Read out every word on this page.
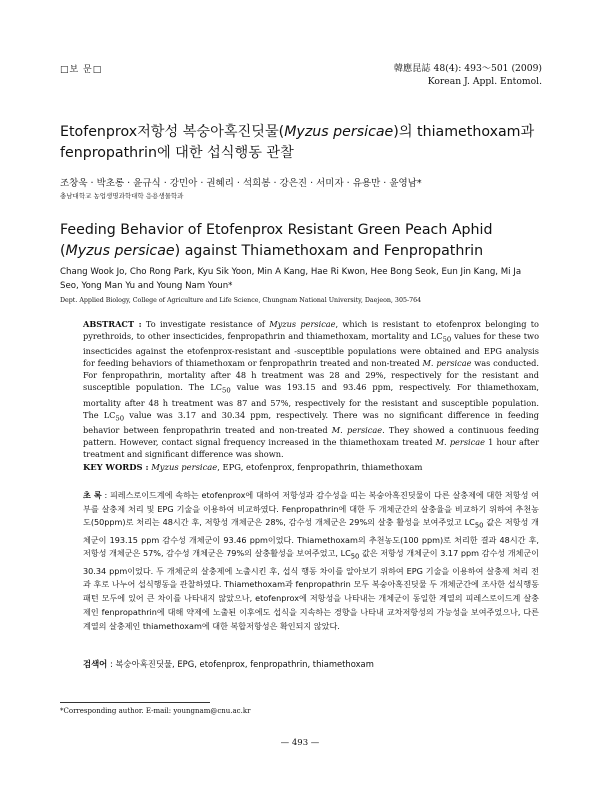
□보 문□	韓應昆誌 48(4): 493～501 (2009)
Korean J. Appl. Entomol.
Etofenprox저항성 복숭아혹진딧물(Myzus persicae)의 thiamethoxam과 fenpropathrin에 대한 섭식행동 관찰
조창욱 · 박초롱 · 윤규식 · 강민아 · 권혜리 · 석희봉 · 강은진 · 서미자 · 유용만 · 윤영남*
충남대학교 농업생명과학대학 응용생물학과
Feeding Behavior of Etofenprox Resistant Green Peach Aphid (Myzus persicae) against Thiamethoxam and Fenpropathrin
Chang Wook Jo, Cho Rong Park, Kyu Sik Yoon, Min A Kang, Hae Ri Kwon, Hee Bong Seok, Eun Jin Kang, Mi Ja Seo, Yong Man Yu and Young Nam Youn*
Dept. Applied Biology, College of Agriculture and Life Science, Chungnam National University, Daejeon, 305-764
ABSTRACT : To investigate resistance of Myzus persicae, which is resistant to etofenprox belonging to pyrethroids, to other insecticides, fenpropathrin and thiamethoxam, mortality and $LC_{50}$ values for these two insecticides against the etofenprox-resistant and -susceptible populations were obtained and EPG analysis for feeding behaviors of thiamethoxam or fenpropathrin treated and non-treated M. persicae was conducted. For fenpropathrin, mortality after 48 h treatment was 28 and 29%, respectively for the resistant and susceptible population. The $LC_{50}$ value was 193.15 and 93.46 ppm, respectively. For thiamethoxam, mortality after 48 h treatment was 87 and 57%, respectively for the resistant and susceptible population. The $LC_{50}$ value was 3.17 and 30.34 ppm, respectively. There was no significant difference in feeding behavior between fenpropathrin treated and non-treated M. persicae. They showed a continuous feeding pattern. However, contact signal frequency increased in the thiamethoxam treated M. persicae 1 hour after treatment and significant difference was shown.
KEY WORDS : Myzus persicae, EPG, etofenprox, fenpropathrin, thiamethoxam
초 록 : 피레스로이드계에 속하는 etofenprox에 대하여 저항성과 감수성을 띠는 복숭아혹진딧물이 다른 살충제에 대한 저항성 여부를 살충제 처리 및 EPG 기술을 이용하여 비교하였다. Fenpropathrin에 대한 두 개체군간의 살충율을 비교하기 위하여 추천농도(50ppm)로 처리는 48시간 후, 저항성 개체군은 28%, 감수성 개체군은 29%의 살충 활성을 보여주었고 $LC_{50}$ 값은 저항성 개체군이 193.15 ppm 감수성 개체군이 93.46 ppm이었다. Thiamethoxam의 추천농도(100 ppm)로 처리한 결과 48시간 후, 저항성 개체군은 57%, 감수성 개체군은 79%의 살충활성을 보여주었고, $LC_{50}$ 값은 저항성 개체군이 3.17 ppm 감수성 개체군이 30.34 ppm이었다. 두 개체군의 살충제에 노출시킨 후, 섭식 행동 차이를 알아보기 위하여 EPG 기술을 이용하여 살충제 처리 전과 후로 나누어 섭식행동을 관찰하였다. Thiamethoxam과 fenpropathrin 모두 복숭아혹진딧물 두 개체군간에 조사한 섭식행동패턴 모두에 있어 큰 차이를 나타내지 않았으나, etofenprox에 저항성을 나타내는 개체군이 동일한 계열의 피레스로이드계 살충제인 fenpropathrin에 대해 약제에 노출된 이후에도 섭식을 지속하는 경향을 나타내 교차저항성의 가능성을 보여주었으나, 다른 계열의 살충제인 thiamethoxam에 대한 복합저항성은 확인되지 않았다.
검색어 : 복숭아혹진딧물, EPG, etofenprox, fenpropathrin, thiamethoxam
*Corresponding author. E-mail: youngnam@cnu.ac.kr
— 493 —
